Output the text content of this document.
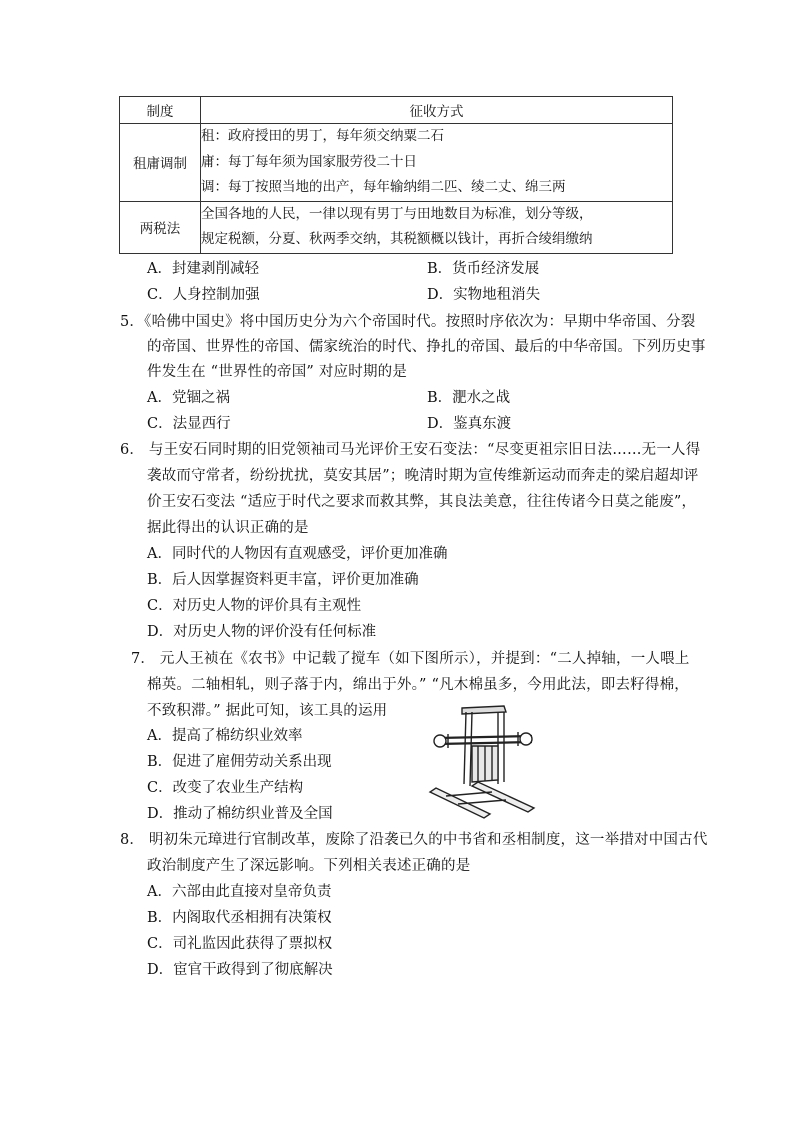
制度	征收方式
租庸调制	租：政府授田的男丁，每年须交纳粟二石
庸：每丁每年须为国家服劳役二十日
调：每丁按照当地的出产，每年输纳绢二匹、绫二丈、绵三两

两税法	全国各地的人民，一律以现有男丁与田地数目为标准，划分等级，
规定税额，分夏、秋两季交纳，其税额概以钱计，再折合绫绢缴纳
A．封建剥削减轻	B．货币经济发展
C．人身控制加强	D．实物地租消失
5．《哈佛中国史》将中国历史分为六个帝国时代。按照时序依次为：早期中华帝国、分裂
的帝国、世界性的帝国、儒家统治的时代、挣扎的帝国、最后的中华帝国。下列历史事
件发生在 “世界性的帝国” 对应时期的是
A．党锢之祸	B．淝水之战
C．法显西行	D．鉴真东渡
6． 与王安石同时期的旧党领袖司马光评价王安石变法：“尽变更祖宗旧日法……无一人得
袭故而守常者，纷纷扰扰，莫安其居”；晚清时期为宣传维新运动而奔走的梁启超却评
价王安石变法 “适应于时代之要求而救其弊，其良法美意，往往传诸今日莫之能废”，
据此得出的认识正确的是
A．同时代的人物因有直观感受，评价更加准确
B．后人因掌握资料更丰富，评价更加准确
C．对历史人物的评价具有主观性
D．对历史人物的评价没有任何标准
7． 元人王祯在《农书》中记载了搅车（如下图所示），并提到：“二人掉轴，一人喂上
棉英。二轴相轧，则子落于内，绵出于外。” “凡木棉虽多，今用此法，即去籽得棉，
不致积滞。” 据此可知，该工具的运用
A．提高了棉纺织业效率
B．促进了雇佣劳动关系出现
C．改变了农业生产结构
D．推动了棉纺织业普及全国
8． 明初朱元璋进行官制改革，废除了沿袭已久的中书省和丞相制度，这一举措对中国古代
政治制度产生了深远影响。下列相关表述正确的是
A．六部由此直接对皇帝负责
B．内阁取代丞相拥有决策权
C．司礼监因此获得了票拟权
D．宦官干政得到了彻底解决
